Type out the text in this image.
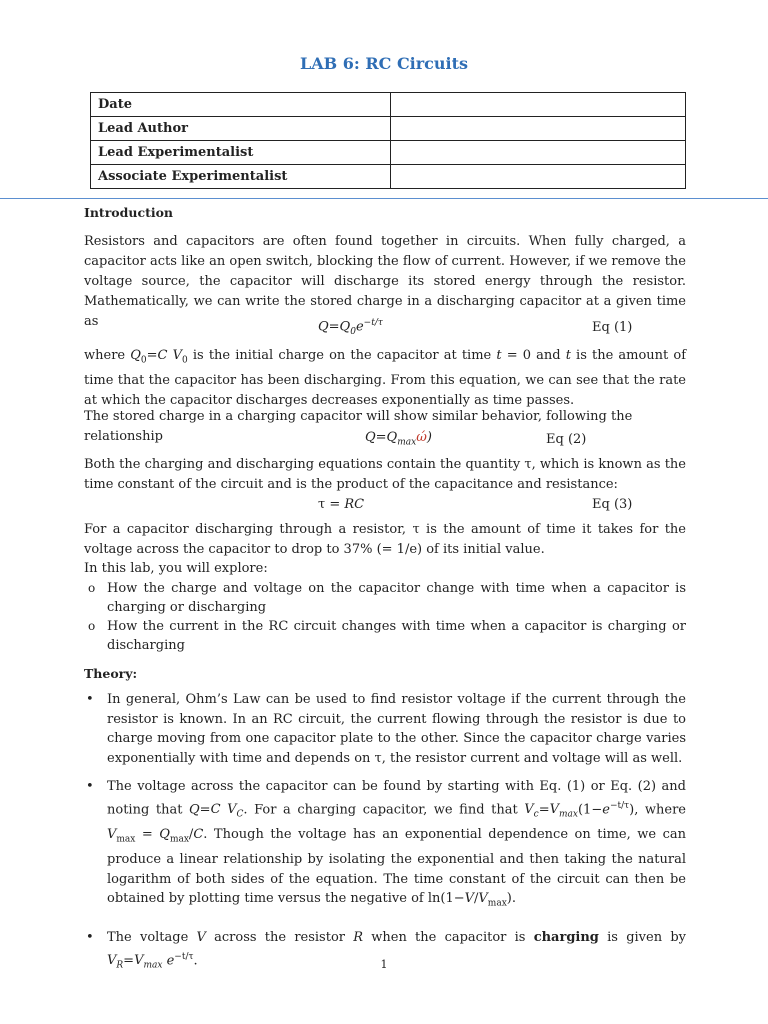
LAB 6: RC Circuits
Date	
Lead Author	
Lead Experimentalist	
Associate Experimentalist	
Introduction
Resistors and capacitors are often found together in circuits. When fully charged, a capacitor acts like an open switch, blocking the flow of current. However, if we remove the voltage source, the capacitor will discharge its stored energy through the resistor. Mathematically, we can write the stored charge in a discharging capacitor at a given time as	$Q=Q_0e^{-t/\tau}$	Eq (1)
where $Q_0=C$ $V_0$ is the initial charge on the capacitor at time t = 0 and t is the amount of time that the capacitor has been discharging. From this equation, we can see that the rate at which the capacitor discharges decreases exponentially as time passes.
The stored charge in a charging capacitor will show similar behavior, following the relationship	$Q=Q_{max}ώ$)	Eq (2)
Both the charging and discharging equations contain the quantity τ, which is known as the time constant of the circuit and is the product of the capacitance and resistance:
τ = RC	Eq (3)
For a capacitor discharging through a resistor, τ is the amount of time it takes for the voltage across the capacitor to drop to 37% (= 1/e) of its initial value.
In this lab, you will explore:
o How the charge and voltage on the capacitor change with time when a capacitor is charging or discharging
o How the current in the RC circuit changes with time when a capacitor is charging or discharging
Theory:
• In general, Ohm’s Law can be used to find resistor voltage if the current through the resistor is known. In an RC circuit, the current flowing through the resistor is due to charge moving from one capacitor plate to the other. Since the capacitor charge varies exponentially with time and depends on τ, the resistor current and voltage will as well.
• The voltage across the capacitor can be found by starting with Eq. (1) or Eq. (2) and noting that Q=C $V_C$. For a charging capacitor, we find that $V_c=V_{max}(1-e^{-t/\tau})$, where $V_{max} = Q_{max}/C$. Though the voltage has an exponential dependence on time, we can produce a linear relationship by isolating the exponential and then taking the natural logarithm of both sides of the equation. The time constant of the circuit can then be obtained by plotting time versus the negative of $\ln(1-V/V_{max})$.
• The voltage V across the resistor R when the capacitor is charging is given by $V_R=V_{max}$ $e^{-t/\tau}$.	1
